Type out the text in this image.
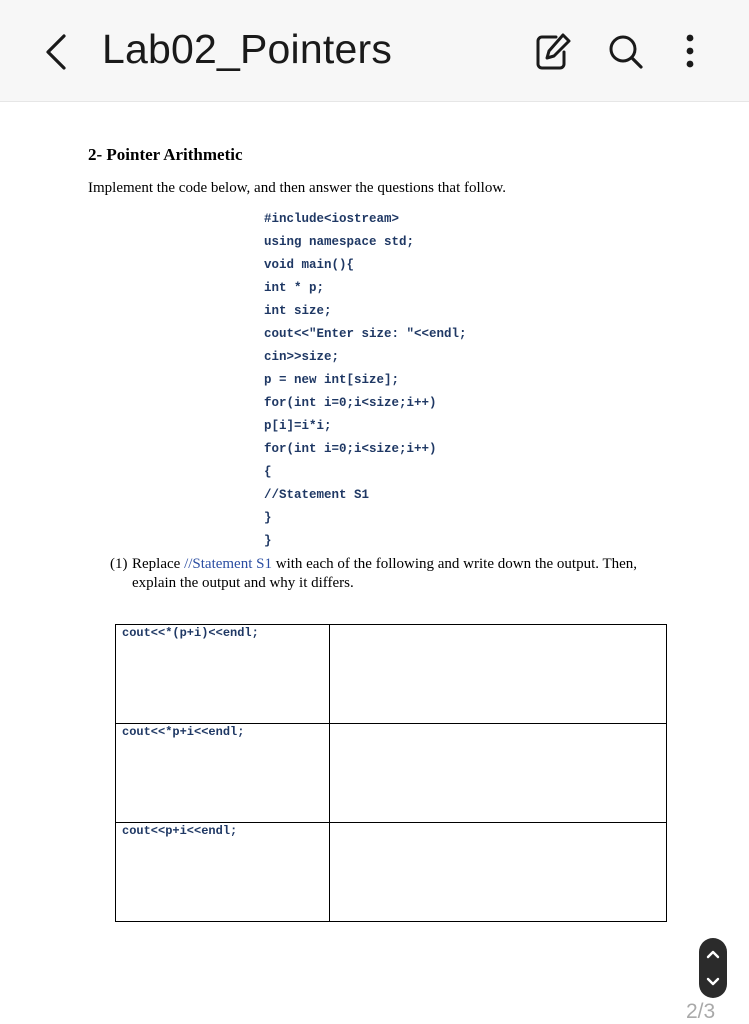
Lab02_Pointers
2- Pointer Arithmetic
Implement the code below, and then answer the questions that follow.
#include<iostream>
using namespace std;
void main(){
int * p;
int size;
cout<<"Enter size: "<<endl;
cin>>size;
p = new int[size];
for(int i=0;i<size;i++)
p[i]=i*i;
for(int i=0;i<size;i++)
{
//Statement S1
}
}
(1) Replace //Statement S1 with each of the following and write down the output. Then,
explain the output and why it differs.
cout<<*(p+i)<<endl;	

cout<<*p+i<<endl;	

cout<<p+i<<endl;	

2/3
